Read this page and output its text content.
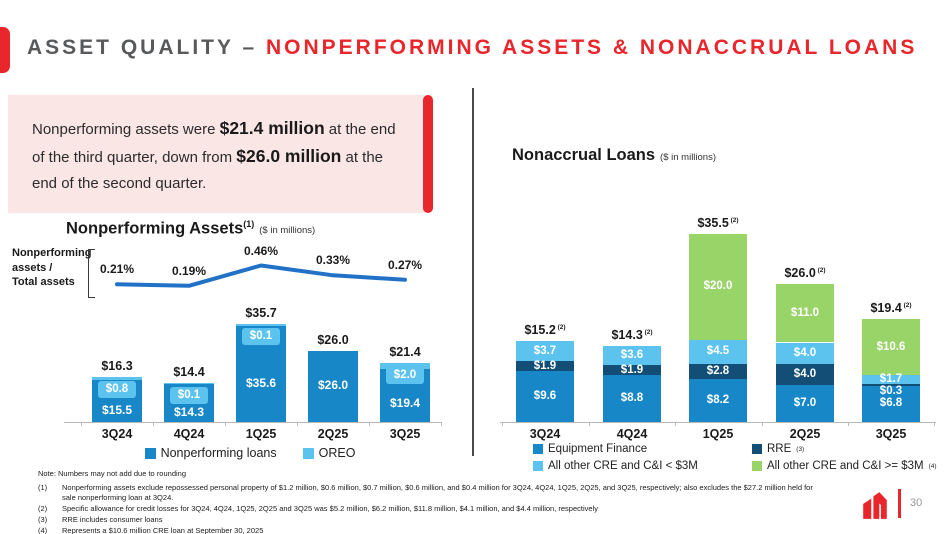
ASSET QUALITY – NONPERFORMING ASSETS & NONACCRUAL LOANS
Nonperforming assets were $21.4 million at the end of the third quarter, down from $26.0 million at the end of the second quarter.
Nonperforming Assets$^{(1)}$($ in millions)
Nonperforming
assets /
Total assets
Nonaccrual Loans ($ in millions)
Note: Numbers may not add due to rounding
(1)	Nonperforming assets exclude repossessed personal property of $1.2 million, $0.6 million, $0.7 million, $0.6 million, and $0.4 million for 3Q24, 4Q24, 1Q25, 2Q25, and 3Q25, respectively; also excludes the $27.2 million held for sale nonperforming loan at 3Q24.
(2)	Specific allowance for credit losses for 3Q24, 4Q24, 1Q25, 2Q25 and 3Q25 was $5.2 million, $6.2 million, $11.8 million, $4.1 million, and $4.4 million, respectively
(3)	RRE includes consumer loans
(4)	Represents a $10.6 million CRE loan at September 30, 2025
30
0.21%	0.19%
0.46%
0.33%	0.27%
$0.8
$15.5
$16.3
3Q24
$0.1
$14.3
$14.4
4Q24
$0.1
$35.6
$35.7
1Q25
$26.0
$26.0
2Q25
$2.0
$19.4
$21.4
3Q25
Nonperforming loans	OREO
$3.7
$1.9
$9.6
$15.2 $^{(2)}$
3Q24
$3.6
$1.9
$8.8
$14.3 $^{(2)}$
4Q24
$20.0
$4.5
$2.8
$8.2
$35.5 $^{(2)}$
1Q25
$11.0
$4.0
$4.0
$7.0
$26.0 $^{(2)}$
2Q25
$10.6
$1.7
$0.3
$6.8
$19.4 $^{(2)}$
3Q25
Equipment Finance	RRE (3)
All other CRE and C&I < $3M	All other CRE and C&I >= $3M (4)
